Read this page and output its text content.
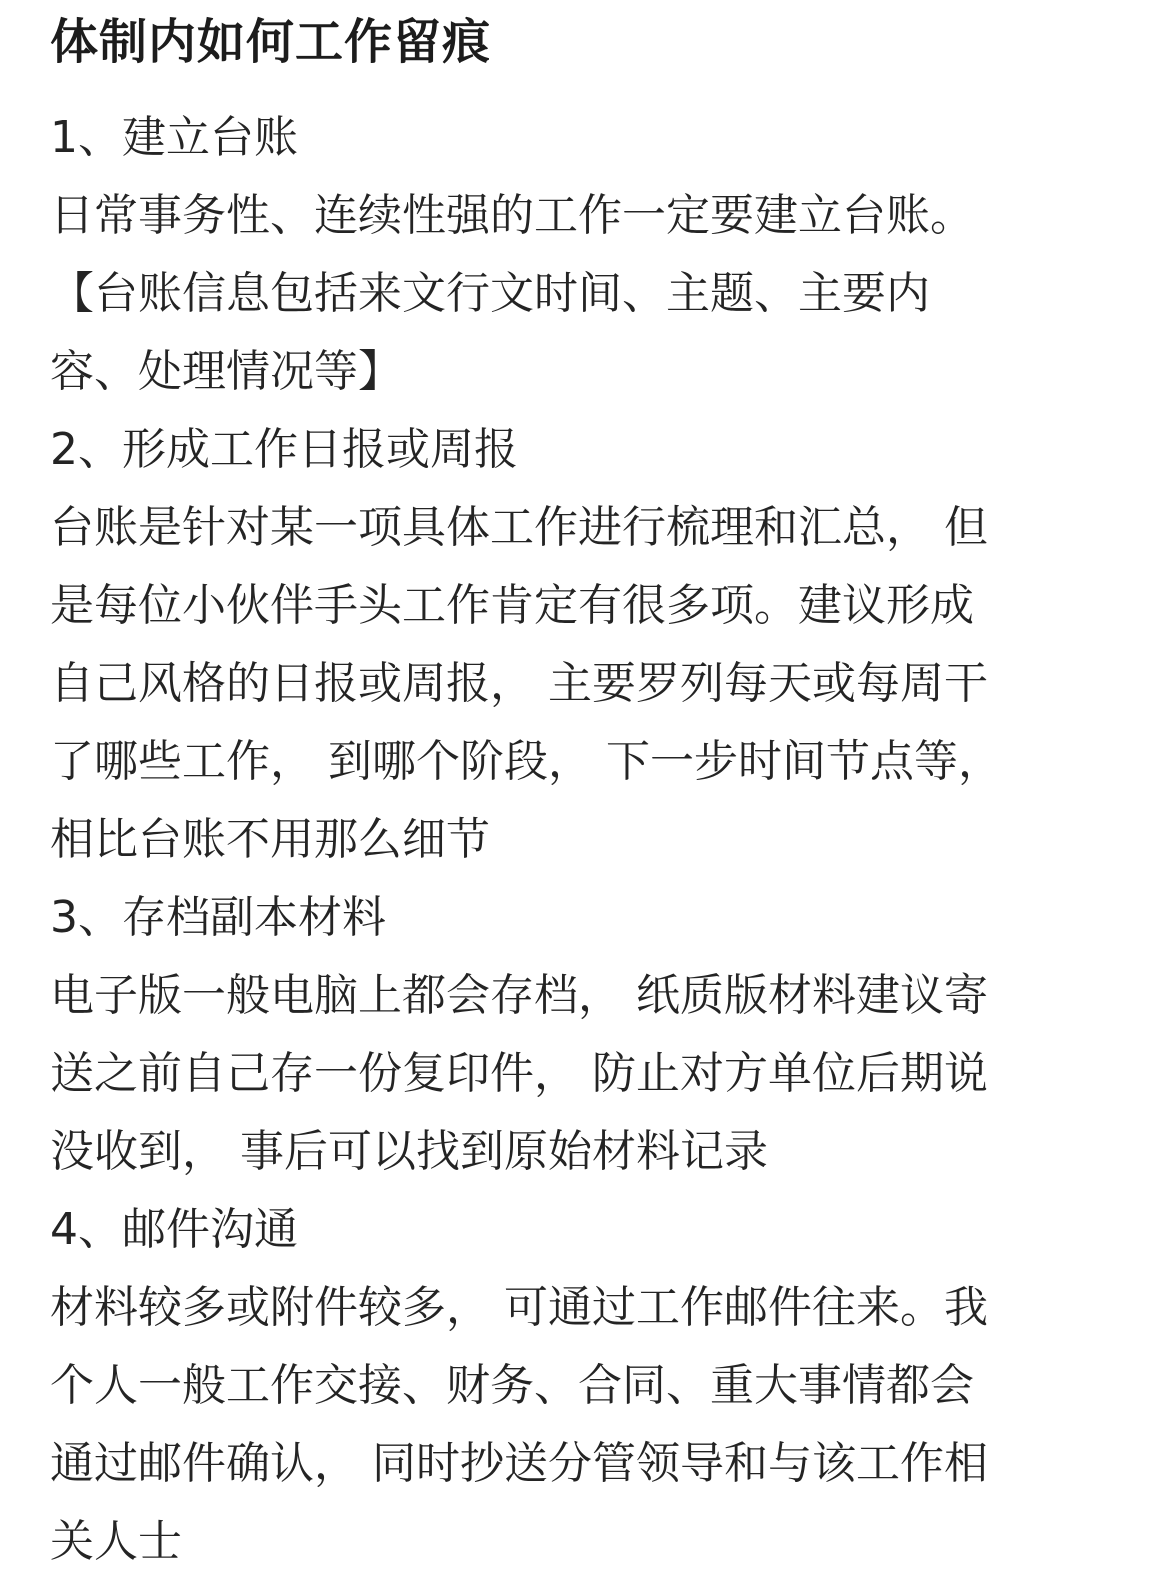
体制内如何工作留痕
1、建立台账
日常事务性、连续性强的工作一定要建立台账。
【台账信息包括来文行文时间、主题、主要内
容、处理情况等】
2、形成工作日报或周报
台账是针对某一项具体工作进行梳理和汇总， 但
是每位小伙伴手头工作肯定有很多项。建议形成
自己风格的日报或周报， 主要罗列每天或每周干
了哪些工作， 到哪个阶段， 下一步时间节点等，
相比台账不用那么细节
3、存档副本材料
电子版一般电脑上都会存档， 纸质版材料建议寄
送之前自己存一份复印件， 防止对方单位后期说
没收到， 事后可以找到原始材料记录
4、邮件沟通
材料较多或附件较多， 可通过工作邮件往来。我
个人一般工作交接、财务、合同、重大事情都会
通过邮件确认， 同时抄送分管领导和与该工作相
关人士
